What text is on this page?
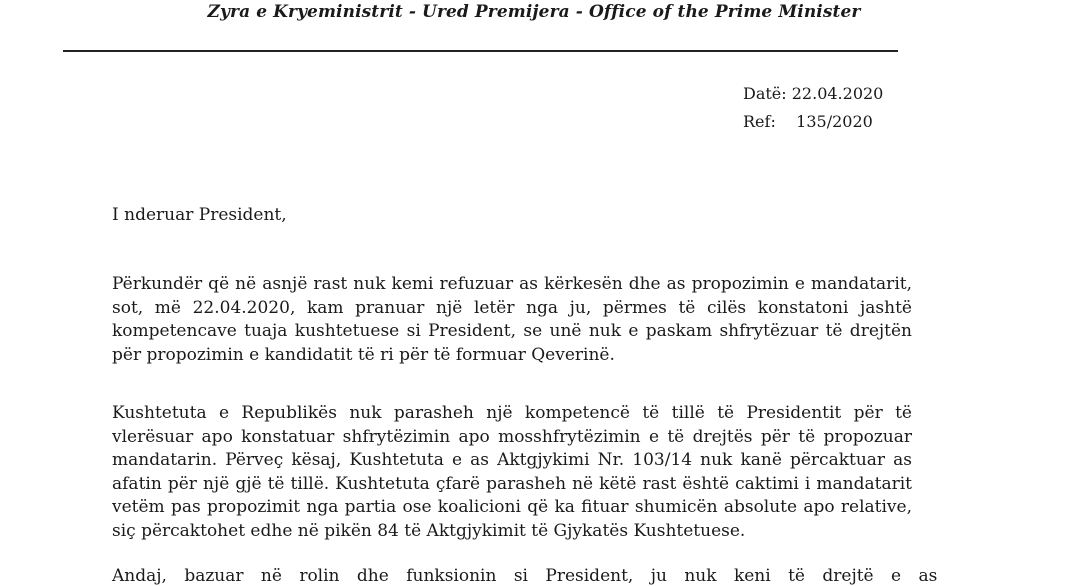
Zyra e Kryeministrit - Ured Premijera - Office of the Prime Minister
Datë: 22.04.2020
Ref: 135/2020
I nderuar President,
Përkundër që në asnjë rast nuk kemi refuzuar as kërkesën dhe as propozimin e mandatarit, sot, më 22.04.2020, kam pranuar një letër nga ju, përmes të cilës konstatoni jashtë kompetencave tuaja kushtetuese si President, se unë nuk e paskam shfrytëzuar të drejtën për propozimin e kandidatit të ri për të formuar Qeverinë.
Kushtetuta e Republikës nuk parasheh një kompetencë të tillë të Presidentit për të vlerësuar apo konstatuar shfrytëzimin apo mosshfrytëzimin e të drejtës për të propozuar mandatarin. Përveç kësaj, Kushtetuta e as Aktgjykimi Nr. 103/14 nuk kanë përcaktuar as afatin për një gjë të tillë. Kushtetuta çfarë parasheh në këtë rast është caktimi i mandatarit vetëm pas propozimit nga partia ose koalicioni që ka fituar shumicën absolute apo relative, siç përcaktohet edhe në pikën 84 të Aktgjykimit të Gjykatës Kushtetuese.
Andaj, bazuar në rolin dhe funksionin si President, ju nuk keni të drejtë e as
